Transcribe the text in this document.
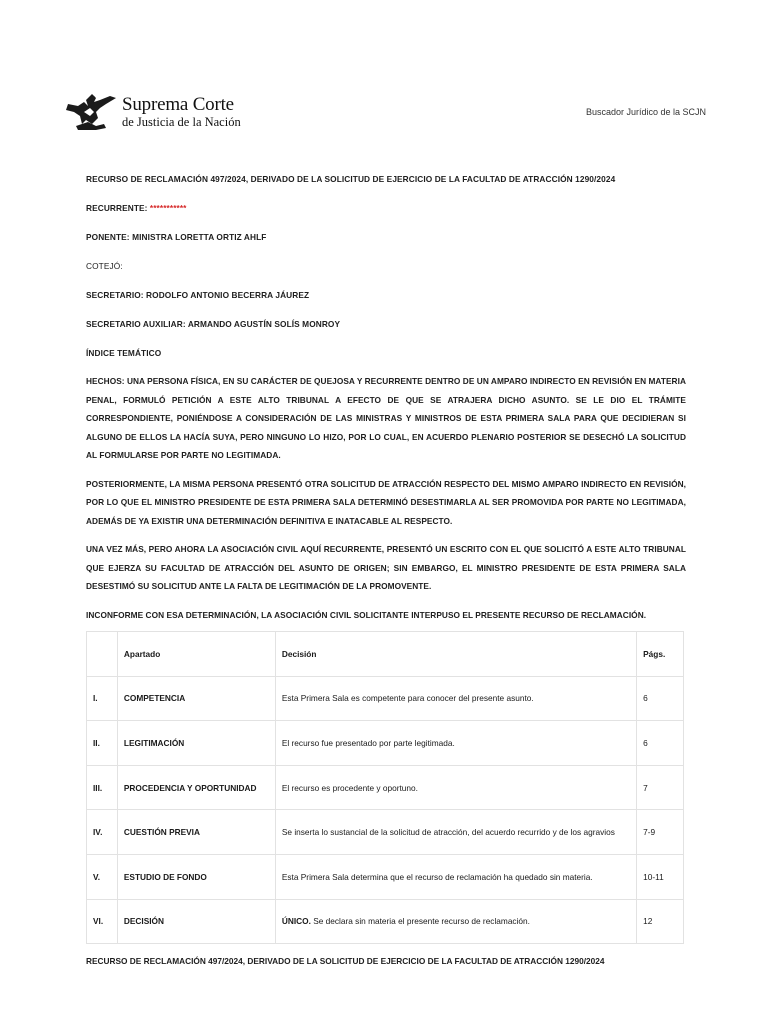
Suprema Corte
de Justicia de la Nación
Buscador Jurídico de la SCJN
RECURSO DE RECLAMACIÓN 497/2024, DERIVADO DE LA SOLICITUD DE EJERCICIO DE LA FACULTAD DE ATRACCIÓN 1290/2024
RECURRENTE: ***********
PONENTE: MINISTRA LORETTA ORTIZ AHLF
COTEJÓ:
SECRETARIO: RODOLFO ANTONIO BECERRA JÁUREZ
SECRETARIO AUXILIAR: ARMANDO AGUSTÍN SOLÍS MONROY
ÍNDICE TEMÁTICO
HECHOS: UNA PERSONA FÍSICA, EN SU CARÁCTER DE QUEJOSA Y RECURRENTE DENTRO DE UN AMPARO INDIRECTO EN REVISIÓN EN MATERIA PENAL, FORMULÓ PETICIÓN A ESTE ALTO TRIBUNAL A EFECTO DE QUE SE ATRAJERA DICHO ASUNTO. SE LE DIO EL TRÁMITE CORRESPONDIENTE, PONIÉNDOSE A CONSIDERACIÓN DE LAS MINISTRAS Y MINISTROS DE ESTA PRIMERA SALA PARA QUE DECIDIERAN SI ALGUNO DE ELLOS LA HACÍA SUYA, PERO NINGUNO LO HIZO, POR LO CUAL, EN ACUERDO PLENARIO POSTERIOR SE DESECHÓ LA SOLICITUD AL FORMULARSE POR PARTE NO LEGITIMADA.
POSTERIORMENTE, LA MISMA PERSONA PRESENTÓ OTRA SOLICITUD DE ATRACCIÓN RESPECTO DEL MISMO AMPARO INDIRECTO EN REVISIÓN, POR LO QUE EL MINISTRO PRESIDENTE DE ESTA PRIMERA SALA DETERMINÓ DESESTIMARLA AL SER PROMOVIDA POR PARTE NO LEGITIMADA, ADEMÁS DE YA EXISTIR UNA DETERMINACIÓN DEFINITIVA E INATACABLE AL RESPECTO.
UNA VEZ MÁS, PERO AHORA LA ASOCIACIÓN CIVIL AQUÍ RECURRENTE, PRESENTÓ UN ESCRITO CON EL QUE SOLICITÓ A ESTE ALTO TRIBUNAL QUE EJERZA SU FACULTAD DE ATRACCIÓN DEL ASUNTO DE ORIGEN; SIN EMBARGO, EL MINISTRO PRESIDENTE DE ESTA PRIMERA SALA DESESTIMÓ SU SOLICITUD ANTE LA FALTA DE LEGITIMACIÓN DE LA PROMOVENTE.
INCONFORME CON ESA DETERMINACIÓN, LA ASOCIACIÓN CIVIL SOLICITANTE INTERPUSO EL PRESENTE RECURSO DE RECLAMACIÓN.
	Apartado	Decisión	Págs.
I.	COMPETENCIA	Esta Primera Sala es competente para conocer del presente asunto.	6
II.	LEGITIMACIÓN	El recurso fue presentado por parte legitimada.	6
III.	PROCEDENCIA Y OPORTUNIDAD	El recurso es procedente y oportuno.	7
IV.	CUESTIÓN PREVIA	Se inserta lo sustancial de la solicitud de atracción, del acuerdo recurrido y de los agravios	7-9
V.	ESTUDIO DE FONDO	Esta Primera Sala determina que el recurso de reclamación ha quedado sin materia.	10-11
VI.	DECISIÓN	ÚNICO. Se declara sin materia el presente recurso de reclamación.	12
RECURSO DE RECLAMACIÓN 497/2024, DERIVADO DE LA SOLICITUD DE EJERCICIO DE LA FACULTAD DE ATRACCIÓN 1290/2024
